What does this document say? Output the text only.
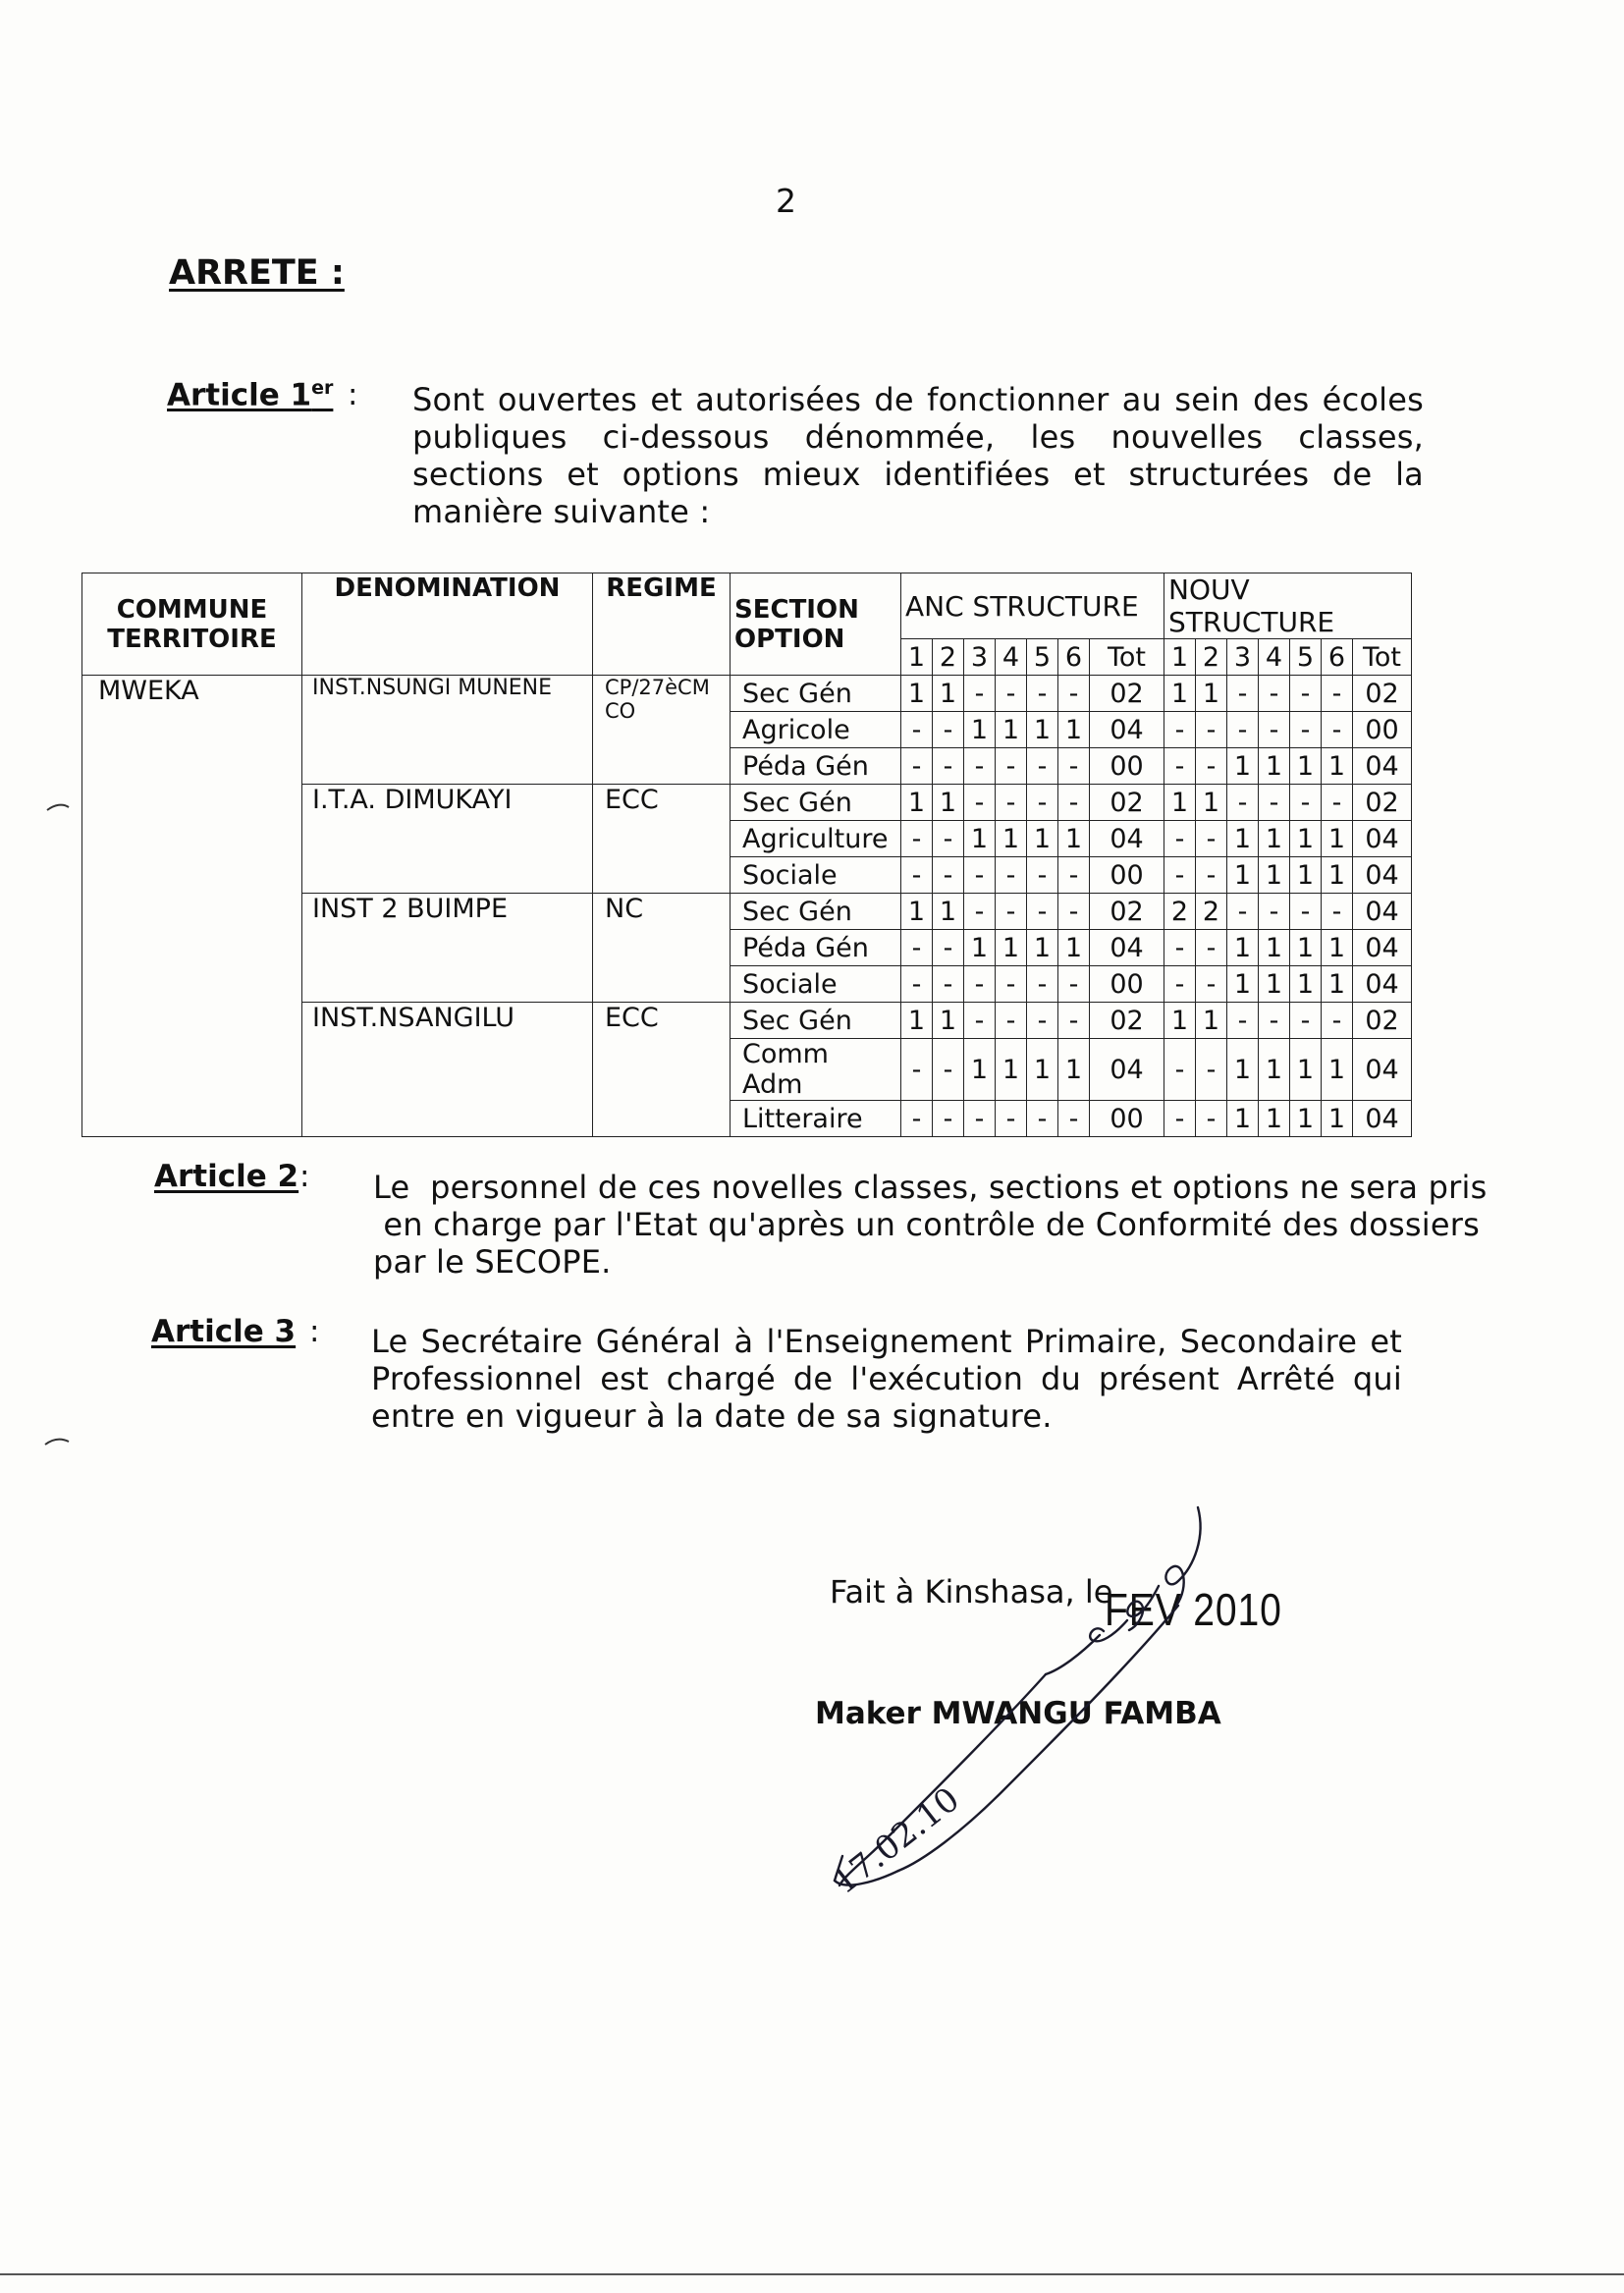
2
ARRETE :
Article 1er : Sont ouvertes et autorisées de fonctionner au sein des écoles publiques ci-dessous dénommée, les nouvelles classes, sections et options mieux identifiées et structurées de la manière suivante :
COMMUNE TERRITOIRE	DENOMINATION	REGIME	SECTION OPTION	ANC STRUCTURE							NOUV STRUCTURE						
				1	2	3	4	5	6	Tot	1	2	3	4	5	6	Tot
MWEKA	INST.NSUNGI MUNENE	CP/27èCM CO	Sec Gén	1	1	-	-	-	-	02	1	1	-	-	-	-	02
			Agricole	-	-	1	1	1	1	04	-	-	-	-	-	-	00
			Péda Gén	-	-	-	-	-	-	00	-	-	1	1	1	1	04
	I.T.A. DIMUKAYI	ECC	Sec Gén	1	1	-	-	-	-	02	1	1	-	-	-	-	02
			Agriculture	-	-	1	1	1	1	04	-	-	1	1	1	1	04
			Sociale	-	-	-	-	-	-	00	-	-	1	1	1	1	04
	INST 2 BUIMPE	NC	Sec Gén	1	1	-	-	-	-	02	2	2	-	-	-	-	04
			Péda Gén	-	-	1	1	1	1	04	-	-	1	1	1	1	04
			Sociale	-	-	-	-	-	-	00	-	-	1	1	1	1	04
	INST.NSANGILU	ECC	Sec Gén	1	1	-	-	-	-	02	1	1	-	-	-	-	02
			Comm Adm	-	-	1	1	1	1	04	-	-	1	1	1	1	04
			Litteraire	-	-	-	-	-	-	00	-	-	1	1	1	1	04
Article 2 : Le  personnel de ces novelles classes, sections et options ne sera pris
en charge par l'Etat qu'après un contrôle de Conformité des dossiers
par le SECOPE.
Article 3 : Le Secrétaire Général à l'Enseignement Primaire, Secondaire et Professionnel est chargé de l'exécution du présent Arrêté qui entre en vigueur à la date de sa signature.
Fait à Kinshasa, le
FEV 2010
Maker MWANGU FAMBA
17.02.10
